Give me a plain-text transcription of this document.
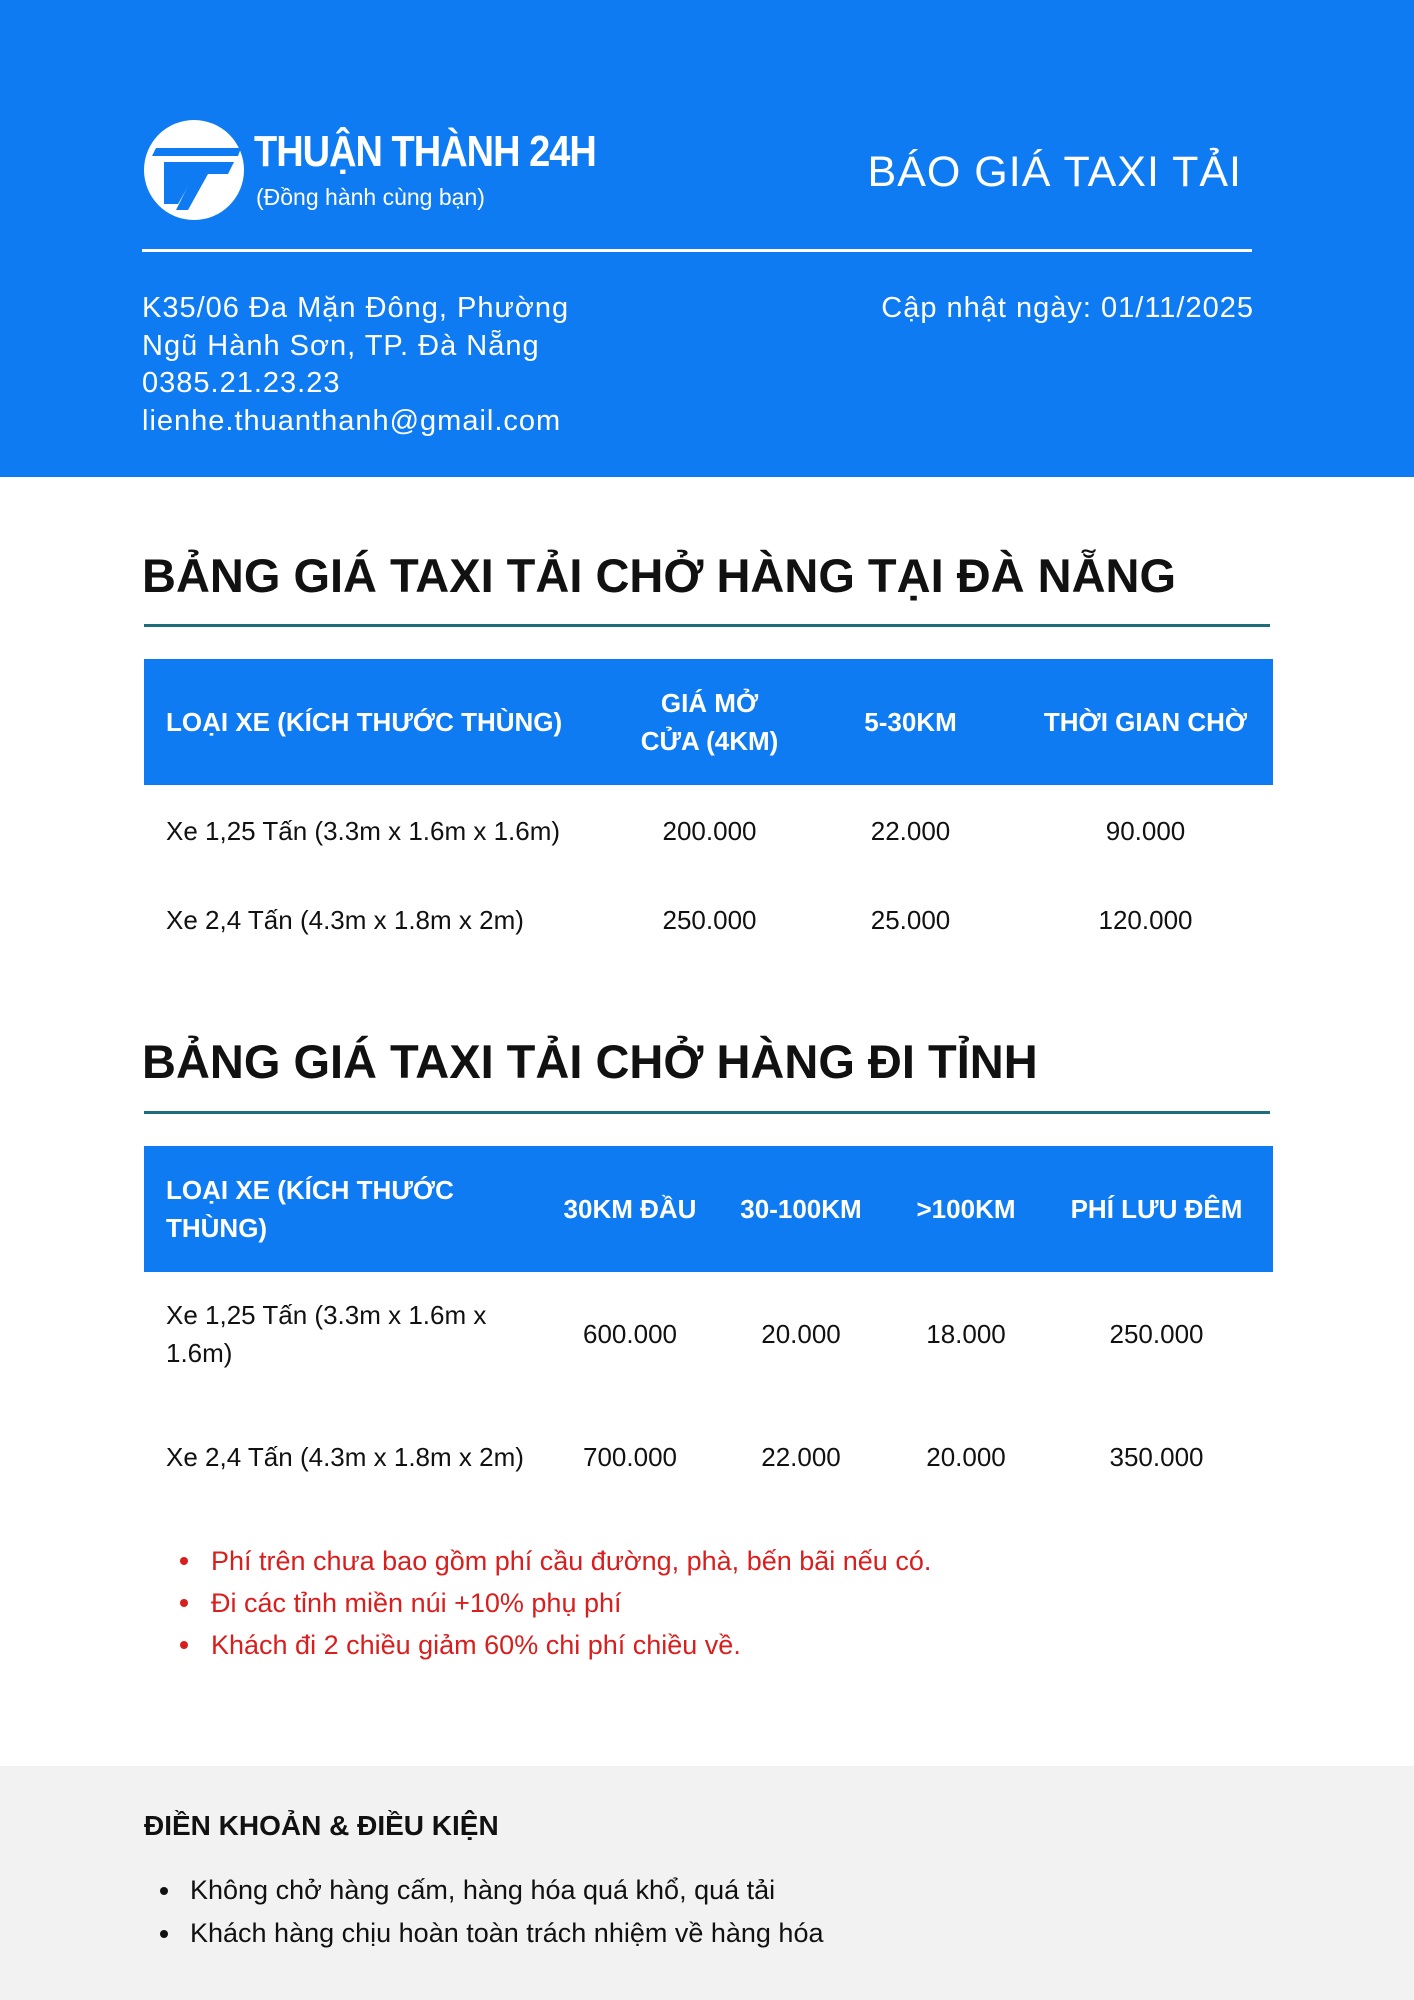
THUẬN THÀNH 24H
(Đồng hành cùng bạn)
BÁO GIÁ TAXI TẢI
K35/06 Đa Mặn Đông, Phường
Ngũ Hành Sơn, TP. Đà Nẵng
0385.21.23.23
lienhe.thuanthanh@gmail.com
Cập nhật ngày: 01/11/2025
BẢNG GIÁ TAXI TẢI CHỞ HÀNG TẠI ĐÀ NẴNG
LOẠI XE (KÍCH THƯỚC THÙNG)	GIÁ MỞ CỬA (4KM)	5-30KM	THỜI GIAN CHỜ
Xe 1,25 Tấn (3.3m x 1.6m x 1.6m)	200.000	22.000	90.000
Xe 2,4 Tấn (4.3m x 1.8m x 2m)	250.000	25.000	120.000
BẢNG GIÁ TAXI TẢI CHỞ HÀNG ĐI TỈNH
LOẠI XE (KÍCH THƯỚC THÙNG)	30KM ĐẦU	30-100KM	>100KM	PHÍ LƯU ĐÊM
Xe 1,25 Tấn (3.3m x 1.6m x 1.6m)	600.000	20.000	18.000	250.000
Xe 2,4 Tấn (4.3m x 1.8m x 2m)	700.000	22.000	20.000	350.000
Phí trên chưa bao gồm phí cầu đường, phà, bến bãi nếu có.
Đi các tỉnh miền núi +10% phụ phí
Khách đi 2 chiều giảm 60% chi phí chiều về.
ĐIỀN KHOẢN & ĐIỀU KIỆN
Không chở hàng cấm, hàng hóa quá khổ, quá tải
Khách hàng chịu hoàn toàn trách nhiệm về hàng hóa
